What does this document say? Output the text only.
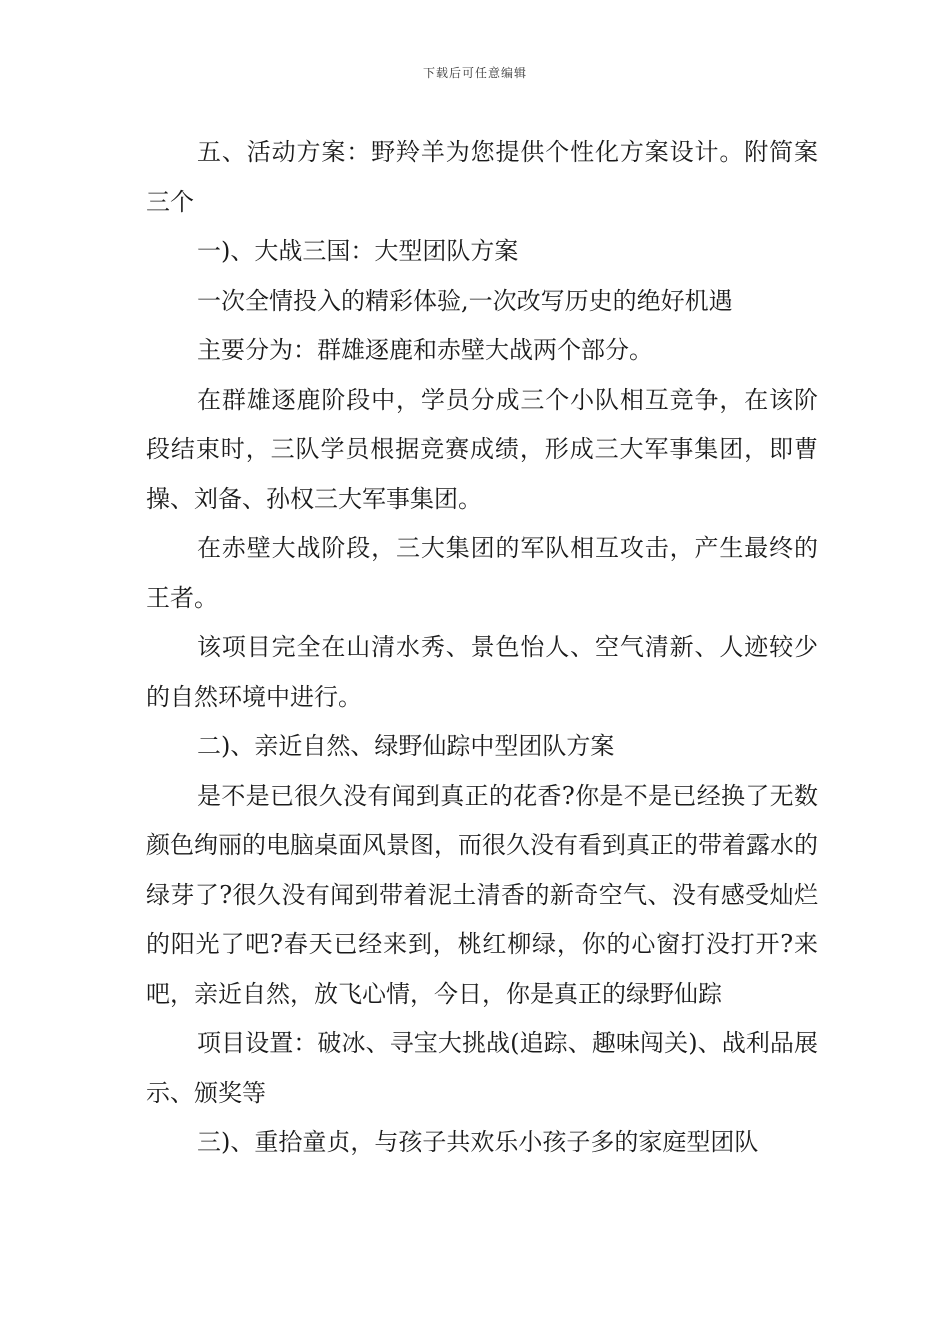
下载后可任意编辑

五、活动方案：野羚羊为您提供个性化方案设计。附简案三个

一)、大战三国：大型团队方案

一次全情投入的精彩体验,一次改写历史的绝好机遇

主要分为：群雄逐鹿和赤壁大战两个部分。

在群雄逐鹿阶段中，学员分成三个小队相互竞争，在该阶段结束时，三队学员根据竞赛成绩，形成三大军事集团，即曹操、刘备、孙权三大军事集团。

在赤壁大战阶段，三大集团的军队相互攻击，产生最终的王者。

该项目完全在山清水秀、景色怡人、空气清新、人迹较少的自然环境中进行。

二)、亲近自然、绿野仙踪中型团队方案

是不是已很久没有闻到真正的花香?你是不是已经换了无数颜色绚丽的电脑桌面风景图，而很久没有看到真正的带着露水的绿芽了?很久没有闻到带着泥土清香的新奇空气、没有感受灿烂的阳光了吧?春天已经来到，桃红柳绿，你的心窗打没打开?来吧，亲近自然，放飞心情，今日，你是真正的绿野仙踪

项目设置：破冰、寻宝大挑战(追踪、趣味闯关)、战利品展示、颁奖等

三)、重拾童贞，与孩子共欢乐小孩子多的家庭型团队
